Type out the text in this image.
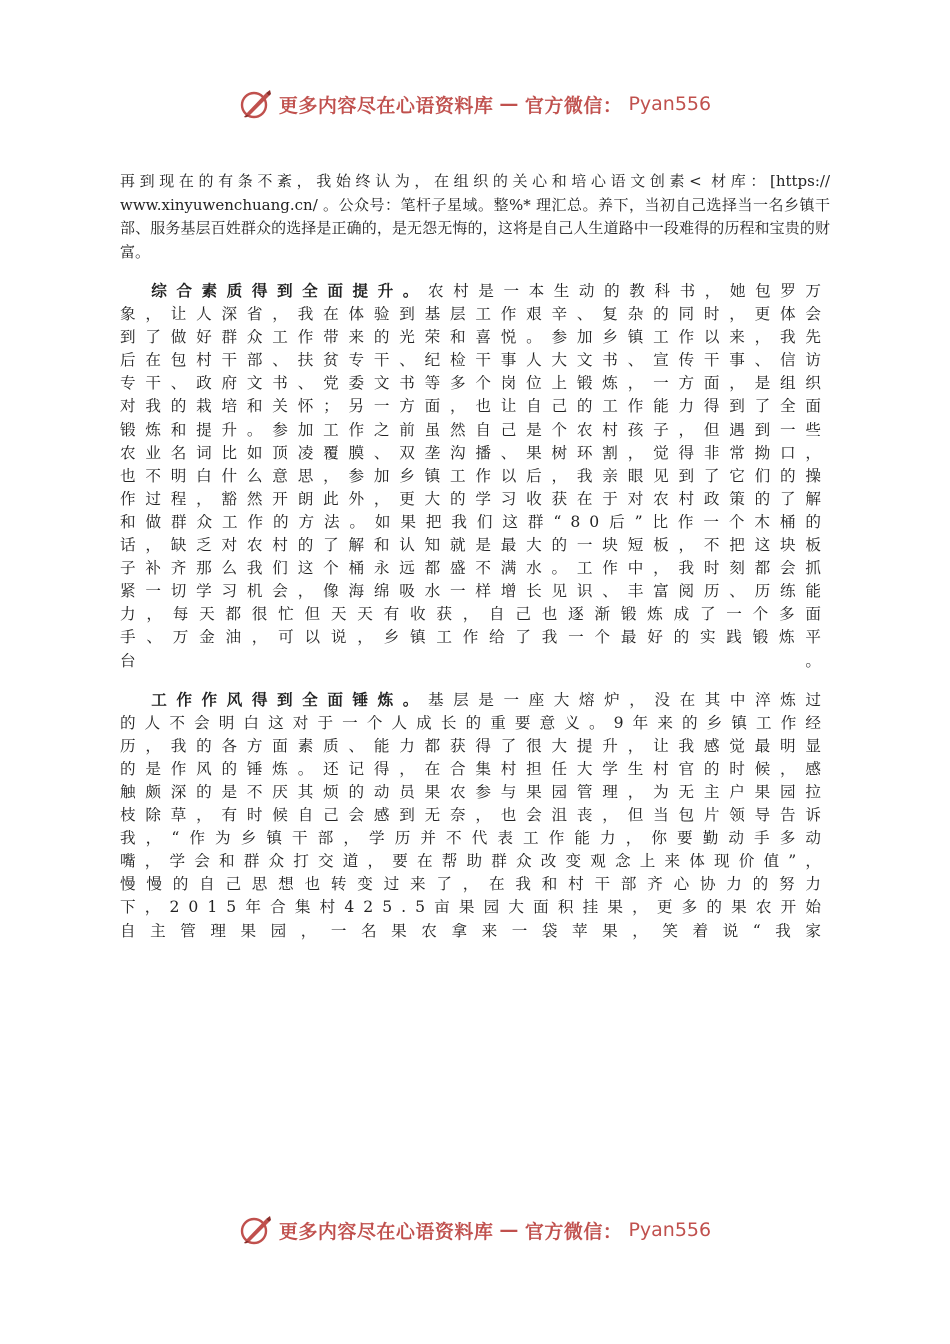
更多内容尽在心语资料库 — 官方微信： Pyan556

再到现在的有条不紊，我始终认为，在组织的关心和培心语文创素< 材库：[https:// www.xinyuwenchuang.cn/ 。公众号：笔杆子星域。整%* 理汇总。养下，当初自己选择当一名乡镇干部、服务基层百姓群众的选择是正确的，是无怨无悔的，这将是自己人生道路中一段难得的历程和宝贵的财富。

综合素质得到全面提升。农村是一本生动的教科书，她包罗万象，让人深省，我在体验到基层工作艰辛、复杂的同时，更体会到了做好群众工作带来的光荣和喜悦。参加乡镇工作以来，我先后在包村干部、扶贫专干、纪检干事人大文书、宣传干事、信访专干、政府文书、党委文书等多个岗位上锻炼，一方面，是组织对我的栽培和关怀；另一方面，也让自己的工作能力得到了全面锻炼和提升。参加工作之前虽然自己是个农村孩子，但遇到一些农业名词比如顶凌覆膜、双垄沟播、果树环割，觉得非常拗口，也不明白什么意思，参加乡镇工作以后，我亲眼见到了它们的操作过程，豁然开朗此外，更大的学习收获在于对农村政策的了解和做群众工作的方法。如果把我们这群“80后”比作一个木桶的话，缺乏对农村的了解和认知就是最大的一块短板，不把这块板子补齐那么我们这个桶永远都盛不满水。工作中，我时刻都会抓紧一切学习机会，像海绵吸水一样增长见识、丰富阅历、历练能力，每天都很忙但天天有收获，自己也逐渐锻炼成了一个多面手、万金油，可以说，乡镇工作给了我一个最好的实践锻炼平台。

工作作风得到全面锤炼。基层是一座大熔炉，没在其中淬炼过的人不会明白这对于一个人成长的重要意义。9年来的乡镇工作经历，我的各方面素质、能力都获得了很大提升，让我感觉最明显的是作风的锤炼。还记得，在合集村担任大学生村官的时候，感触颇深的是不厌其烦的动员果农参与果园管理，为无主户果园拉枝除草，有时候自己会感到无奈，也会沮丧，但当包片领导告诉我，“作为乡镇干部，学历并不代表工作能力，你要勤动手多动嘴，学会和群众打交道，要在帮助群众改变观念上来体现价值”，慢慢的自己思想也转变过来了，在我和村干部齐心协力的努力下，2015年合集村425.5亩果园大面积挂果，更多的果农开始自主管理果园，一名果农拿来一袋苹果，笑着说“我家

更多内容尽在心语资料库 — 官方微信： Pyan556
